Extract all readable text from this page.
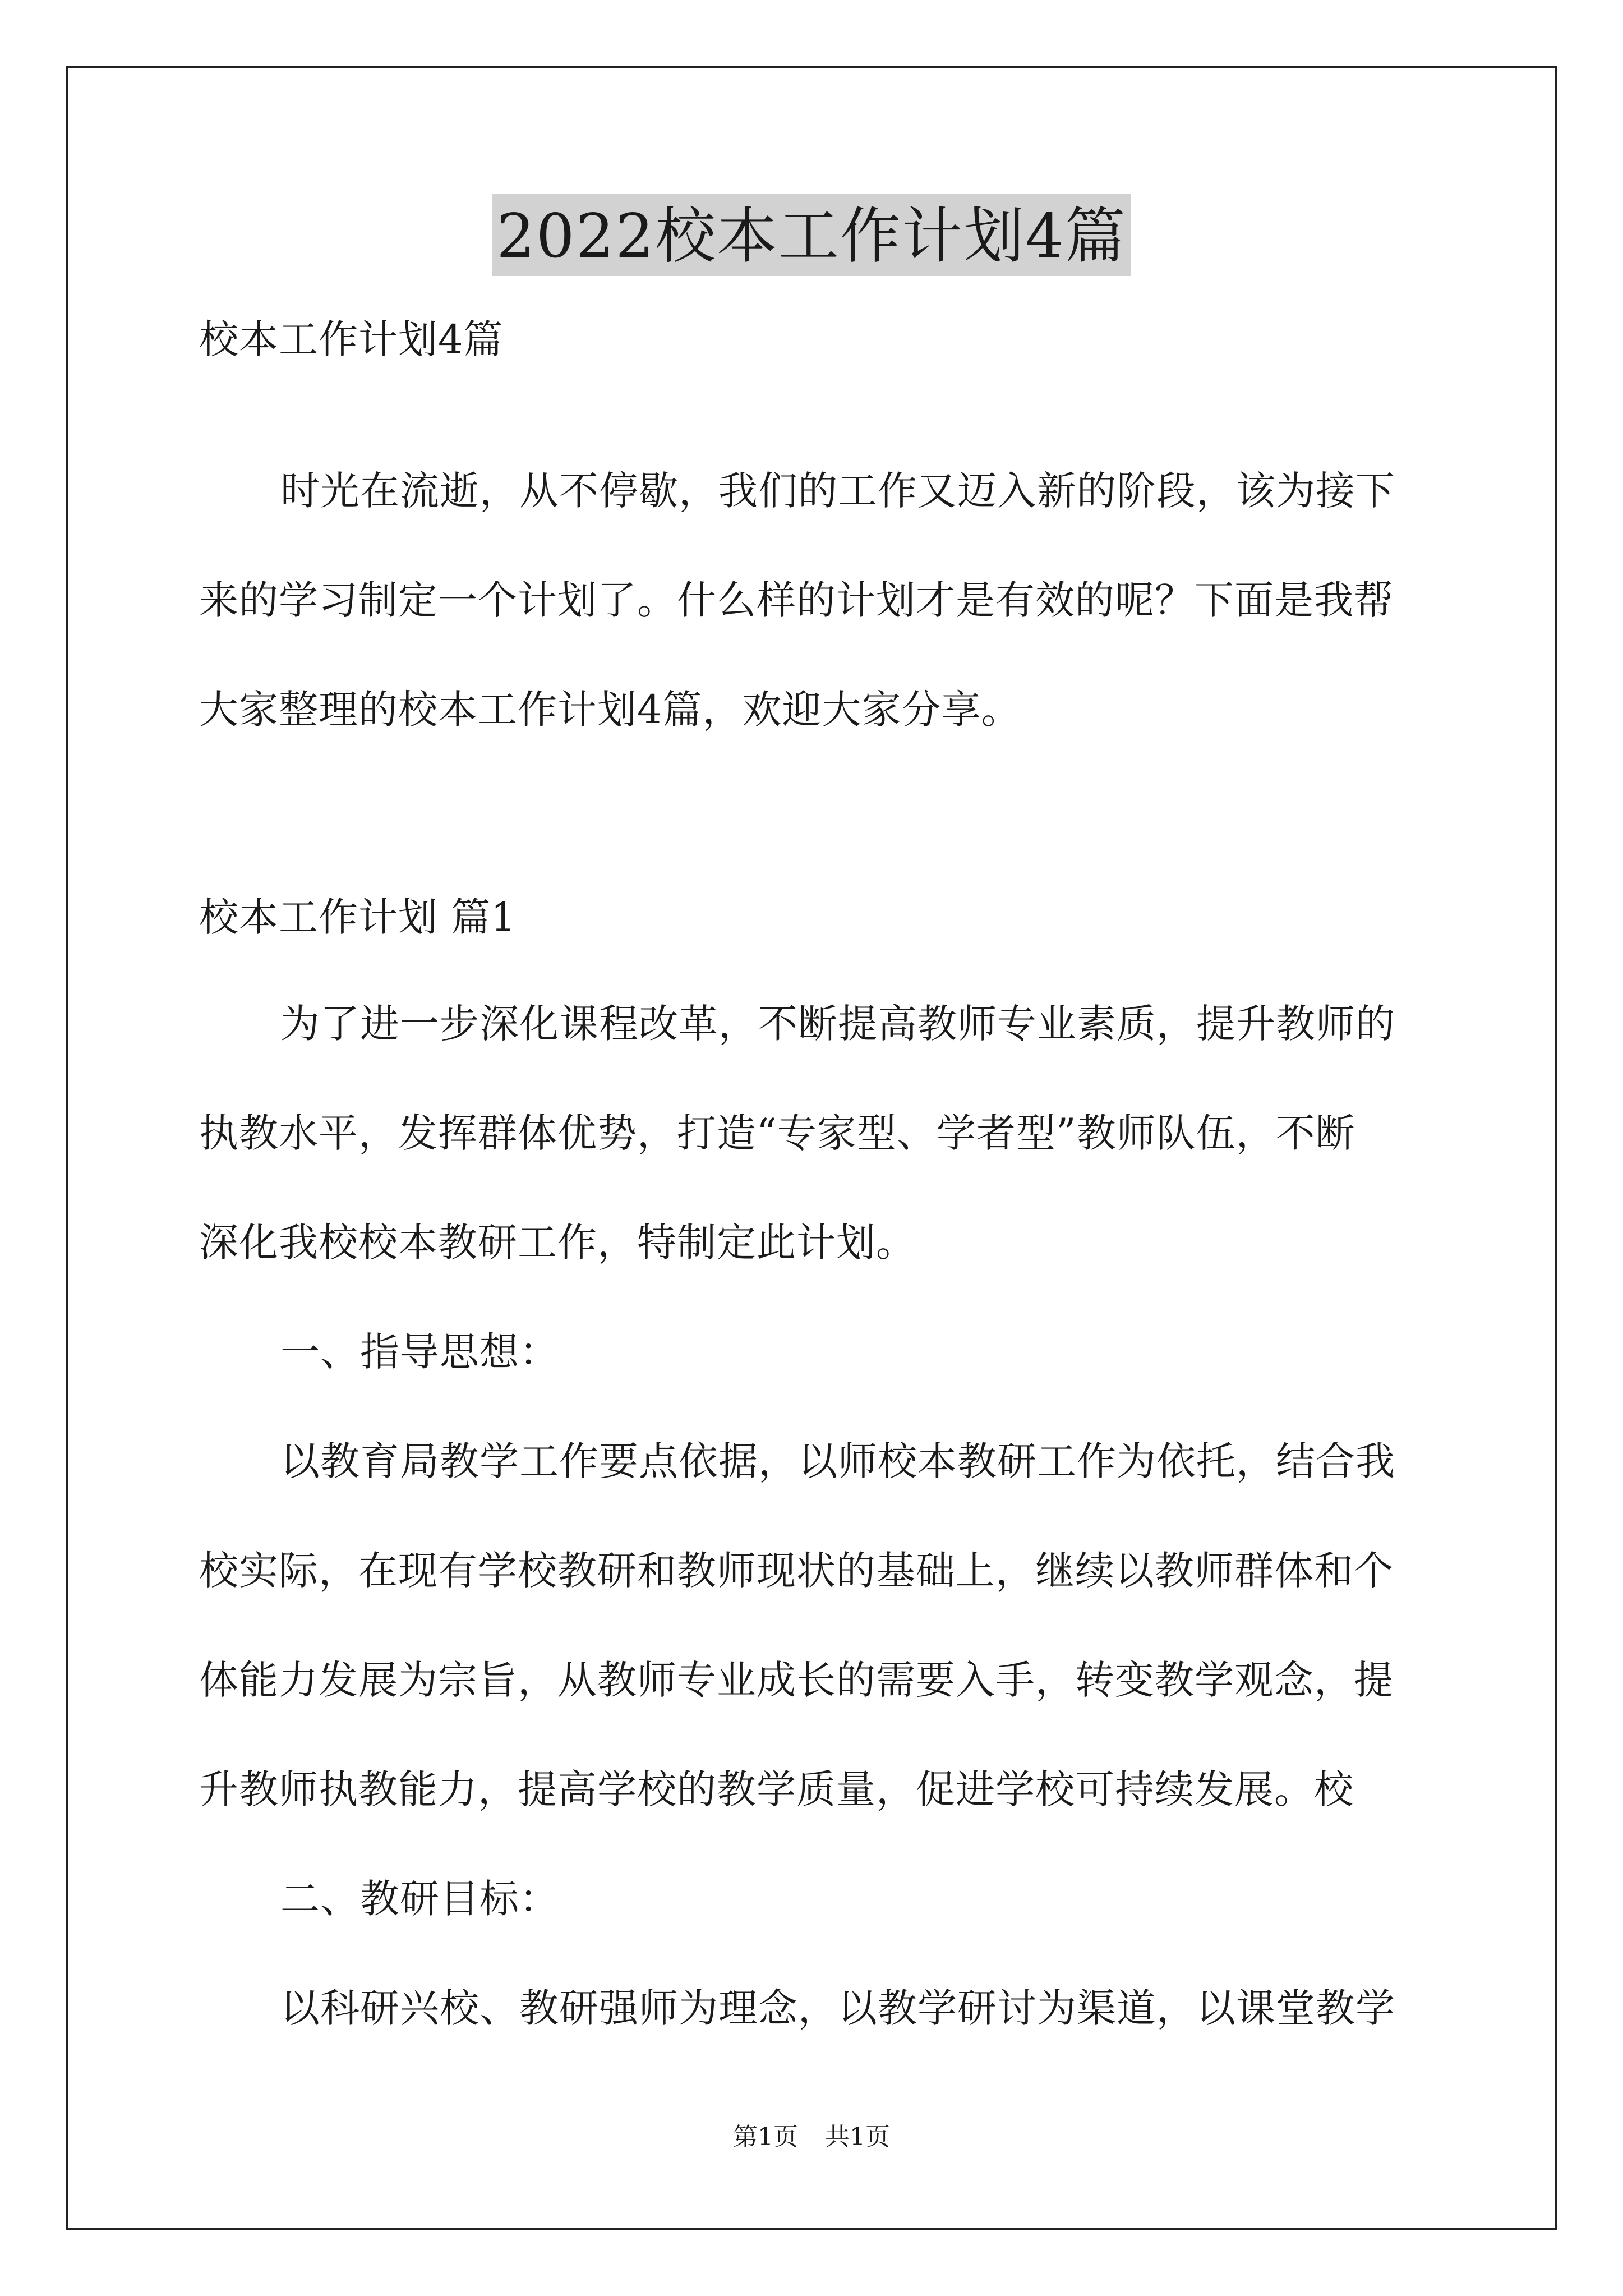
2022校本工作计划4篇
校本工作计划4篇
时光在流逝，从不停歇，我们的工作又迈入新的阶段，该为接下
来的学习制定一个计划了。什么样的计划才是有效的呢？下面是我帮
大家整理的校本工作计划4篇，欢迎大家分享。
校本工作计划 篇1
为了进一步深化课程改革，不断提高教师专业素质，提升教师的
执教水平，发挥群体优势，打造“专家型、学者型”教师队伍，不断
深化我校校本教研工作，特制定此计划。
一、指导思想：
以教育局教学工作要点依据，以师校本教研工作为依托，结合我
校实际，在现有学校教研和教师现状的基础上，继续以教师群体和个
体能力发展为宗旨，从教师专业成长的需要入手，转变教学观念，提
升教师执教能力，提高学校的教学质量，促进学校可持续发展。校
二、教研目标：
以科研兴校、教研强师为理念，以教学研讨为渠道，以课堂教学
第1页 共1页
